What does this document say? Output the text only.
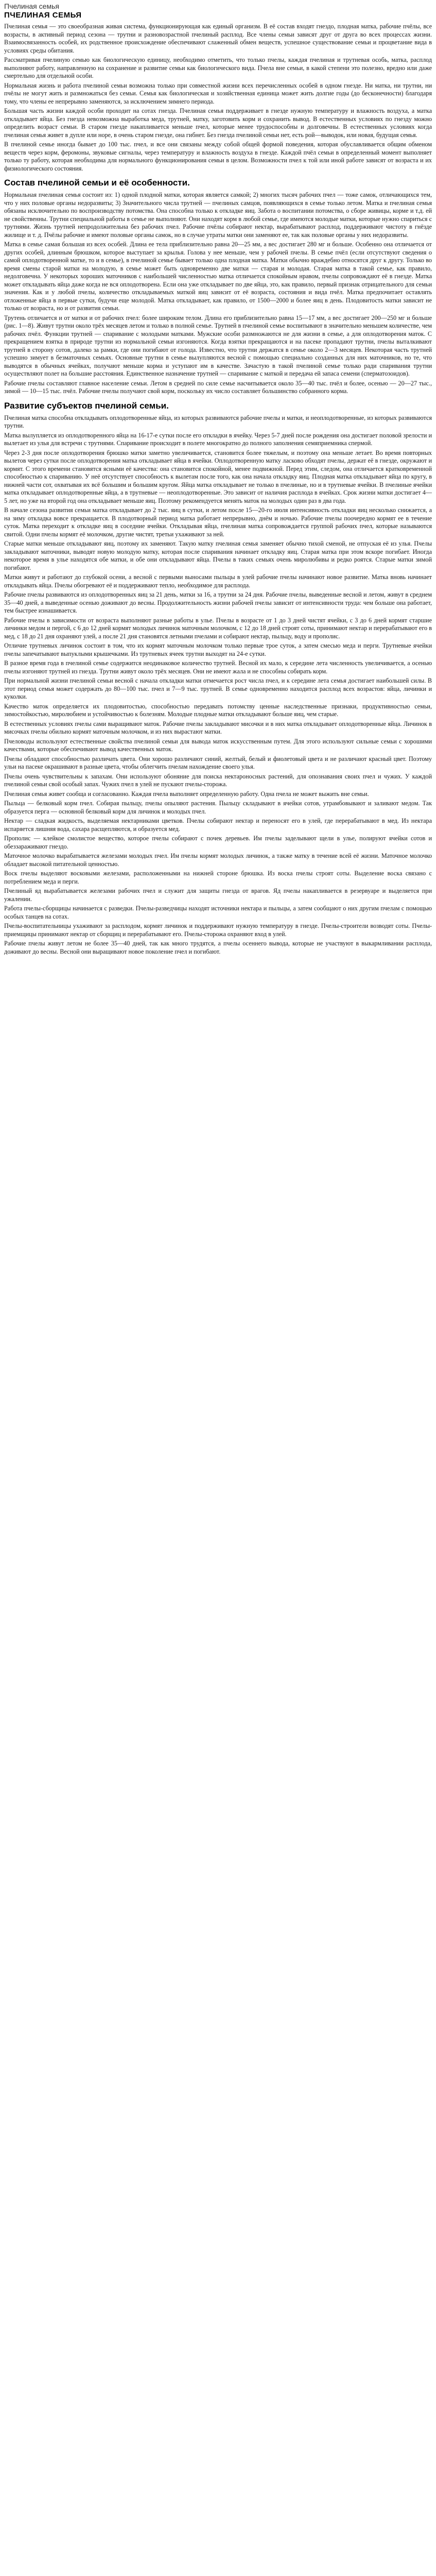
Пчелиная семья
ПЧЕЛИНАЯ СЕМЬЯ

Пчелиная семья — это своеобразная живая система, функционирующая как единый организм. В её состав входят гнездо, плодная матка, рабочие пчёлы, все возрасты, в активный период сезона — трутни и разновозрастной пчелиный расплод. Все члены семьи зависят друг от друга во всех процессах жизни. Взаимосвязанность особей, их родственное происхождение обеспечивают слаженный обмен веществ, успешное существование семьи и процветание вида в условиях среды обитания.

Рассматривая пчелиную семью как биологическую единицу, необходимо отметить, что только пчелы, каждая пчелиная и трутневая особь, матка, расплод выполняют работу, направленную на сохранение и развитие семьи как биологического вида. Пчела вне семьи, в какой степени это полезно, вредно или даже смертельно для отдельной особи.

Нормальная жизнь и работа пчелиной семьи возможна только при совместной жизни всех перечисленных особей в одном гнезде. Ни матка, ни трутни, ни пчёлы не могут жить и размножаться без семьи. Семья как биологическая и хозяйственная единица может жить долгие годы (до бесконечности) благодаря тому, что члены ее непрерывно заменяются, за исключением зимнего периода.

Большая часть жизни каждой особи проходит на сотах гнезда. Пчелиная семья поддерживает в гнезде нужную температуру и влажность воздуха, а матка откладывает яйца. Без гнезда невозможна выработка меда, трутней, матку, заготовить корм и сохранить вывод. В естественных условиях по гнезду можно определить возраст семьи. В старом гнезде накапливается меньше пчел, которые менее трудоспособны и долговечны. В естественных условиях когда пчелиная семья живет в дупле или норе, в очень старом гнезде, она гибнет. Без гнезда пчелиной семьи нет, есть рой—выводок, или новая, будущая семья.

В пчелиной семье иногда бывает до 100 тыс. пчел, и все они связаны между собой общей формой поведения, которая обуславливается общим обменом веществ через корм, феромоны, звуковые сигналы, через температуру и влажность воздуха в гнезде. Каждой пчёл семьи в определенный момент выполняет только ту работу, которая необходима для нормального функционирования семьи в целом. Возможности пчел к той или иной работе зависят от возраста и их физиологического состояния.

Состав пчелиной семьи и её особенности.

Нормальная пчелиная семья состоит из: 1) одной плодной матки, которая является самкой; 2) многих тысяч рабочих пчел — тоже самок, отличающихся тем, что у них половые органы недоразвиты; 3) Значительного числа трутней — пчелиных самцов, появляющихся в семье только летом. Матка и пчелиная семья обязаны исключительно по воспроизводству потомства. Она способна только к откладке яиц. Забота о воспитании потомства, о сборе живицы, корме и т.д. ей не свойственны. Трутни специальной работы в семье не выполняют. Они находят корм в любой семье, где имеются молодые матки, которые нужно спариться с трутнями. Жизнь трутней непродолжительна без рабочих пчел. Рабочие пчёлы собирают нектар, вырабатывают расплод, поддерживают чистоту в гнёзде жилище и т. д. Пчёлы рабочие и имеют половые органы самок, но в случае утраты матки они заменяют ее, так как половые органы у них недоразвиты.

Матка в семье самая большая из всех особей. Длина ее тела приблизительно равна 20—25 мм, а вес достигает 280 мг и больше. Особенно она отличается от других особей, длинным брюшком, которое выступает за крылья. Голова у нее меньше, чем у рабочей пчелы. В семье пчёл (если отсутствуют сведения о самой оплодотворенной матке, то и в семье), в пчелиной семье бывает только одна плодная матка. Матки обычно враждебно относятся друг к другу. Только во время смены старой матки на молодую, в семье может быть одновременно две матки — старая и молодая. Старая матка в такой семье, как правило, недолговечна. У некоторых хороших маточников с наибольшей численностью матка отличается спокойным нравом, пчелы сопровождают её в гнезде. Матка может откладывать яйца даже когда не вся оплодотворена. Если она уже откладывает по две яйца, это, как правило, первый признак отрицательного для семьи значения. Как и у любой пчелы, количество откладываемых маткой яиц зависит от её возраста, состояния и вида пчёл. Матка предпочитает оставлять отложенные яйца в первые сутки, будучи еще молодой. Матка откладывает, как правило, от 1500—2000 и более яиц в день. Плодовитость матки зависит не только от возраста, но и от развития семьи.

Трутень отличается и от матки и от рабочих пчел: более широким телом. Длина его приблизительно равна 15—17 мм, а вес достигает 200—250 мг и больше (рис. 1—8). Живут трутни около трёх месяцев летом и только в полной семье. Трутней в пчелиной семье воспитывают в значительно меньшем количестве, чем рабочих пчёл. Функции трутней — спаривание с молодыми матками. Мужские особи размножаются не для жизни в семье, а для оплодотворения маток. С прекращением взятка в природе трутни из нормальной семьи изгоняются. Когда взятки прекращаются и на пасеке пропадают трутни, пчелы выталкивают трутней в сторону сотов, далеко за рамки, где они погибают от голода. Известно, что трутни держатся в семье около 2—3 месяцев. Некоторая часть трутней успешно зимует в безматочных семьях. Основные трутни в семье вылупляются весной с помощью специально созданных для них маточников, но те, что выводятся в обычных ячейках, получают меньше корма и уступают им в качестве. Зачастую в такой пчелиной семье только ради спаривания трутни осуществляют полет на большие расстояния. Единственное назначение трутней — спаривание с маткой и передача ей запаса семени (сперматозоидов).

Рабочие пчелы составляют главное население семьи. Летом в средней по силе семье насчитывается около 35—40 тыс. пчёл и более, осенью — 20—27 тыс., зимой — 10—15 тыс. пчёл. Рабочие пчелы получают свой корм, поскольку их число составляет большинство собранного корма.

Развитие субъектов пчелиной семьи.

Пчелиная матка способна откладывать оплодотворенные яйца, из которых развиваются рабочие пчелы и матки, и неоплодотворенные, из которых развиваются трутни.

Матка вылупляется из оплодотворенного яйца на 16-17-е сутки после его откладки в ячейку. Через 5-7 дней после рождения она достигает половой зрелости и вылетает из улья для встречи с трутнями. Спаривание происходит в полете многократно до полного заполнения семяприемника спермой.

Через 2-3 дня после оплодотворения брюшко матки заметно увеличивается, становится более тяжелым, и поэтому она меньше летает. Во время повторных вылетов через сутки после оплодотворения матка откладывает яйца в ячейки. Оплодотворенную матку ласково обходят пчелы, держат её в гнезде, окружают и кормят. С этого времени становятся ясными её качества: она становится спокойной, менее подвижной. Перед этим, следом, она отличается кратковременной способностью к спариванию. У неё отсутствует способность к вылетам после того, как она начала откладку яиц. Плодная матка откладывает яйца по кругу, в нижней части сот, охватывая их всё большим и большим кругом. Яйца матка откладывает не только в пчелиные, но и в трутневые ячейки. В пчелиные ячейки матка откладывает оплодотворенные яйца, а в трутневые — неоплодотворенные. Это зависит от наличия расплода в ячейках. Срок жизни матки достигает 4—5 лет, но уже на второй год она откладывает меньше яиц. Поэтому рекомендуется менять маток на молодых один раз в два года.

В начале сезона развития семьи матка откладывает до 2 тыс. яиц в сутки, и летом после 15—20-го июля интенсивность откладки яиц несколько снижается, а на зиму откладка вовсе прекращается. В плодотворный период матка работает непрерывно, днём и ночью. Рабочие пчелы поочередно кормят ее в течение суток. Матка переходит к откладке яиц в соседние ячейки. Откладывая яйца, пчелиная матка сопровождается группой рабочих пчел, которые называются свитой. Одни пчелы кормят её молочком, другие чистят, третьи ухаживают за ней.

Старые матки меньше откладывают яиц, поэтому их заменяют. Такую матку пчелиная семья заменяет обычно тихой сменой, не отпуская её из улья. Пчелы закладывают маточники, выводят новую молодую матку, которая после спаривания начинает откладку яиц. Старая матка при этом вскоре погибает. Иногда некоторое время в улье находятся обе матки, и обе они откладывают яйца. Пчелы в таких семьях очень миролюбивы и редко роятся. Старые матки зимой погибают.

Матки живут и работают до глубокой осени, а весной с первыми выносами пыльцы в улей рабочие пчелы начинают новое развитие. Матка вновь начинает откладывать яйца. Пчелы обогревают её и поддерживают тепло, необходимое для расплода.

Рабочие пчелы развиваются из оплодотворенных яиц за 21 день, матки за 16, а трутни за 24 дня. Рабочие пчелы, выведенные весной и летом, живут в среднем 35—40 дней, а выведенные осенью доживают до весны. Продолжительность жизни рабочей пчелы зависит от интенсивности труда: чем больше она работает, тем быстрее изнашивается.

Рабочие пчелы в зависимости от возраста выполняют разные работы в улье. Пчелы в возрасте от 1 до 3 дней чистят ячейки, с 3 до 6 дней кормят старшие личинки медом и пергой, с 6 до 12 дней кормят молодых личинок маточным молочком, с 12 до 18 дней строят соты, принимают нектар и перерабатывают его в мед, с 18 до 21 дня охраняют улей, а после 21 дня становятся летными пчелами и собирают нектар, пыльцу, воду и прополис.

Отличие трутневых личинок состоит в том, что их кормят маточным молочком только первые трое суток, а затем смесью меда и перги. Трутневые ячейки пчелы запечатывают выпуклыми крышечками. Из трутневых ячеек трутни выходят на 24-е сутки.

В разное время года в пчелиной семье содержится неодинаковое количество трутней. Весной их мало, к середине лета численность увеличивается, а осенью пчелы изгоняют трутней из гнезда. Трутни живут около трёх месяцев. Они не имеют жала и не способны собирать корм.

При нормальной жизни пчелиной семьи весной с начала откладки матки отмечается рост числа пчел, и к середине лета семья достигает наибольшей силы. В этот период семья может содержать до 80—100 тыс. пчел и 7—9 тыс. трутней. В семье одновременно находится расплод всех возрастов: яйца, личинки и куколки.

Качество маток определяется их плодовитостью, способностью передавать потомству ценные наследственные признаки, продуктивностью семьи, зимостойкостью, миролюбием и устойчивостью к болезням. Молодые плодные матки откладывают больше яиц, чем старые.

В естественных условиях пчелы сами выращивают маток. Рабочие пчелы закладывают мисочки и в них матка откладывает оплодотворенные яйца. Личинок в мисочках пчелы обильно кормят маточным молочком, и из них вырастают матки.

Пчеловоды используют естественные свойства пчелиной семьи для вывода маток искусственным путем. Для этого используют сильные семьи с хорошими качествами, которые обеспечивают вывод качественных маток.

Пчелы обладают способностью различать цвета. Они хорошо различают синий, желтый, белый и фиолетовый цвета и не различают красный цвет. Поэтому ульи на пасеке окрашивают в разные цвета, чтобы облегчить пчелам нахождение своего улья.

Пчелы очень чувствительны к запахам. Они используют обоняние для поиска нектароносных растений, для опознавания своих пчел и чужих. У каждой пчелиной семьи свой особый запах. Чужих пчел в улей не пускают пчелы-сторожа.

Пчелиная семья живет сообща и согласованно. Каждая пчела выполняет определенную работу. Одна пчела не может выжить вне семьи.

Пыльца — белковый корм пчел. Собирая пыльцу, пчелы опыляют растения. Пыльцу складывают в ячейки сотов, утрамбовывают и заливают медом. Так образуется перга — основной белковый корм для личинок и молодых пчел.

Нектар — сладкая жидкость, выделяемая нектарниками цветков. Пчелы собирают нектар и переносят его в улей, где перерабатывают в мед. Из нектара испаряется лишняя вода, сахара расщепляются, и образуется мед.

Прополис — клейкое смолистое вещество, которое пчелы собирают с почек деревьев. Им пчелы заделывают щели в улье, полируют ячейки сотов и обеззараживают гнездо.

Маточное молочко вырабатывается железами молодых пчел. Им пчелы кормят молодых личинок, а также матку в течение всей её жизни. Маточное молочко обладает высокой питательной ценностью.

Воск пчелы выделяют восковыми железами, расположенными на нижней стороне брюшка. Из воска пчелы строят соты. Выделение воска связано с потреблением меда и перги.

Пчелиный яд вырабатывается железами рабочих пчел и служит для защиты гнезда от врагов. Яд пчелы накапливается в резервуаре и выделяется при ужалении.

Работа пчелы-сборщицы начинается с разведки. Пчелы-разведчицы находят источники нектара и пыльцы, а затем сообщают о них другим пчелам с помощью особых танцев на сотах.

Пчелы-воспитательницы ухаживают за расплодом, кормят личинок и поддерживают нужную температуру в гнезде. Пчелы-строители возводят соты. Пчелы-приемщицы принимают нектар от сборщиц и перерабатывают его. Пчелы-сторожа охраняют вход в улей.

Рабочие пчелы живут летом не более 35—40 дней, так как много трудятся, а пчелы осеннего вывода, которые не участвуют в выкармливании расплода, доживают до весны. Весной они выращивают новое поколение пчел и погибают.
